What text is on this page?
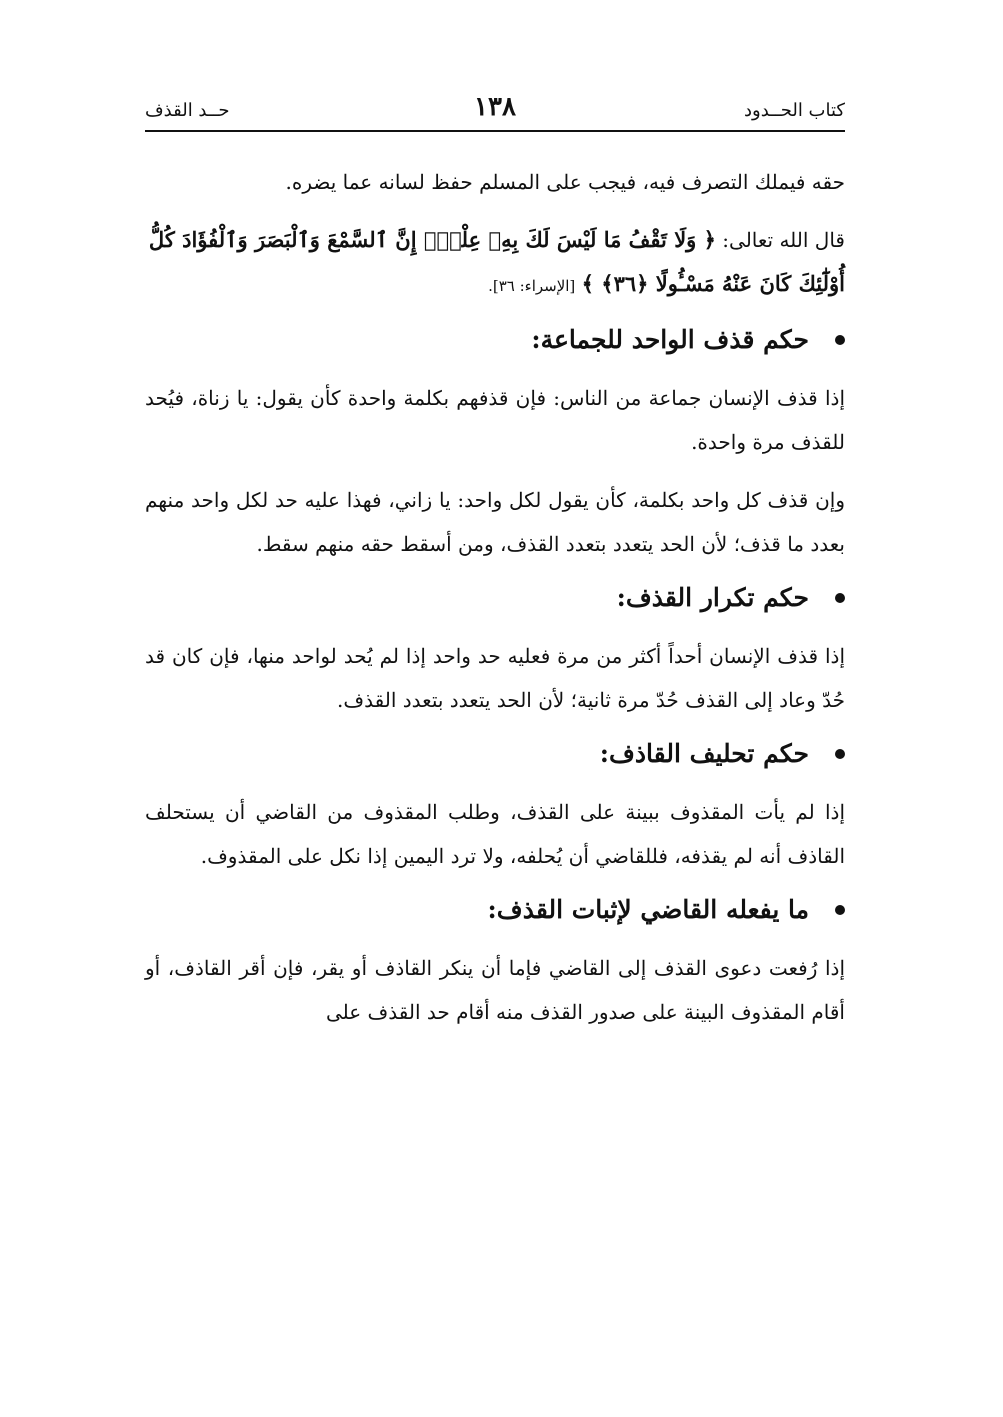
كتاب الحــدود
١٣٨
حــد القذف

حقه فيملك التصرف فيه، فيجب على المسلم حفظ لسانه عما يضره.

قال الله تعالى: ﴿ وَلَا تَقْفُ مَا لَيْسَ لَكَ بِهِۦ عِلْمٌۚ إِنَّ ٱلسَّمْعَ وَٱلْبَصَرَ وَٱلْفُؤَادَ كُلُّ أُوْلَٰٓئِكَ كَانَ عَنْهُ مَسْـُٔولًا ﴿٣٦﴾ ﴾ [الإسراء: ٣٦].
حكم قذف الواحد للجماعة:

إذا قذف الإنسان جماعة من الناس: فإن قذفهم بكلمة واحدة كأن يقول: يا زناة، فيُحد للقذف مرة واحدة.

وإن قذف كل واحد بكلمة، كأن يقول لكل واحد: يا زاني، فهذا عليه حد لكل واحد منهم بعدد ما قذف؛ لأن الحد يتعدد بتعدد القذف، ومن أسقط حقه منهم سقط.

حكم تكرار القذف:

إذا قذف الإنسان أحداً أكثر من مرة فعليه حد واحد إذا لم يُحد لواحد منها، فإن كان قد حُدّ وعاد إلى القذف حُدّ مرة ثانية؛ لأن الحد يتعدد بتعدد القذف.

حكم تحليف القاذف:

إذا لم يأت المقذوف ببينة على القذف، وطلب المقذوف من القاضي أن يستحلف القاذف أنه لم يقذفه، فللقاضي أن يُحلفه، ولا ترد اليمين إذا نكل على المقذوف.

ما يفعله القاضي لإثبات القذف:

إذا رُفعت دعوى القذف إلى القاضي فإما أن ينكر القاذف أو يقر، فإن أقر القاذف، أو أقام المقذوف البينة على صدور القذف منه أقام حد القذف على
